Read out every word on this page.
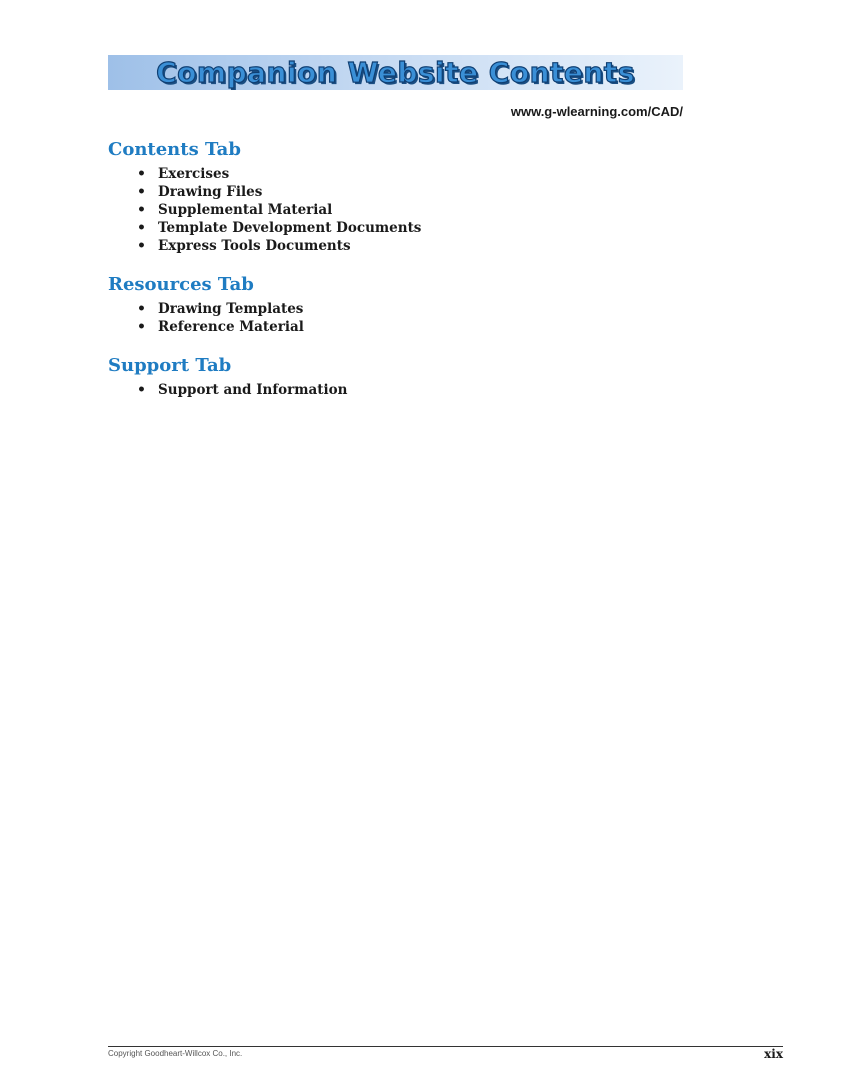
Companion Website Contents
www.g-wlearning.com/CAD/
Contents Tab
• Exercises
• Drawing Files
• Supplemental Material
• Template Development Documents
• Express Tools Documents
Resources Tab
• Drawing Templates
• Reference Material
Support Tab
• Support and Information
Copyright Goodheart-Willcox Co., Inc.	xix
